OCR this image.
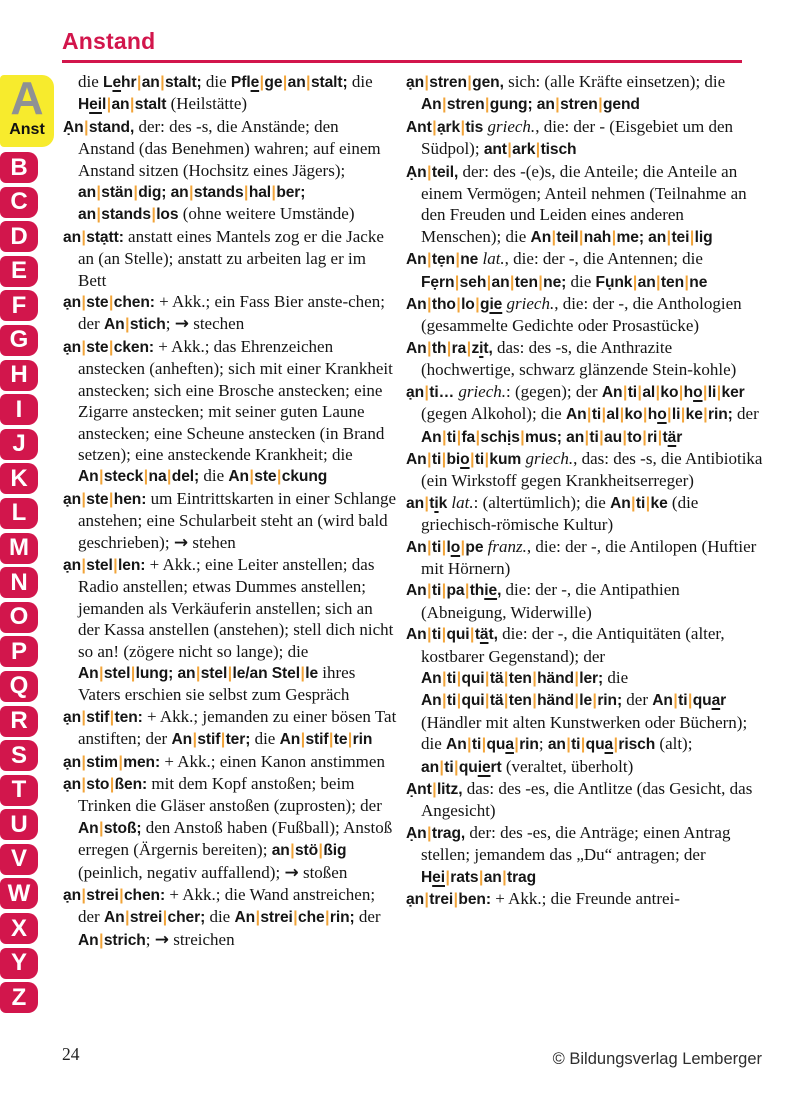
Anstand
A
Anst
B
C
D
E
F
G
H
I
J
K
L
M
N
O
P
Q
R
S
T
U
V
W
X
Y
Z

die Lehr|an|stalt; die Pfle|ge|an|stalt; die Heil|an|stalt (Heilstätte)

Ạn|stand, der: des -s, die Anstände; den Anstand (das Benehmen) wahren; auf einem Anstand sitzen (Hochsitz eines Jägers); an|stän|dig; an|stands|hal|ber; an|stands|los (ohne weitere Umstände)

an|stạtt: anstatt eines Mantels zog er die Jacke an (an Stelle); anstatt zu arbeiten lag er im Bett

ạn|ste|chen: + Akk.; ein Fass Bier anste-chen; der An|stich; → stechen

ạn|ste|cken: + Akk.; das Ehrenzeichen anstecken (anheften); sich mit einer Krankheit anstecken; sich eine Brosche anstecken; eine Zigarre anstecken; mit seiner guten Laune anstecken; eine Scheune anstecken (in Brand setzen); eine ansteckende Krankheit; die An|steck|na|del; die An|ste|ckung

ạn|ste|hen: um Eintrittskarten in einer Schlange anstehen; eine Schularbeit steht an (wird bald geschrieben); → stehen

ạn|stel|len: + Akk.; eine Leiter anstellen; das Radio anstellen; etwas Dummes anstellen; jemanden als Verkäuferin anstellen; sich an der Kassa anstellen (anstehen); stell dich nicht so an! (zögere nicht so lange); die An|stel|lung; an|stel|le/an Stel|le ihres Vaters erschien sie selbst zum Gespräch

ạn|stif|ten: + Akk.; jemanden zu einer bösen Tat anstiften; der An|stif|ter; die An|stif|te|rin

ạn|stim|men: + Akk.; einen Kanon anstimmen

ạn|sto|ßen: mit dem Kopf anstoßen; beim Trinken die Gläser anstoßen (zuprosten); der An|stoß; den Anstoß haben (Fußball); Anstoß erregen (Ärgernis bereiten); an|stö|ßig (peinlich, negativ auffallend); → stoßen

ạn|strei|chen: + Akk.; die Wand anstreichen; der An|strei|cher; die An|strei|che|rin; der An|strich; → streichen

ạn|stren|gen, sich: (alle Kräfte einsetzen); die An|stren|gung; an|stren|gend

Ant|ạrk|tis griech., die: der - (Eisgebiet um den Südpol); ant|ark|tisch

Ạn|teil, der: des -(e)s, die Anteile; die Anteile an einem Vermögen; Anteil nehmen (Teilnahme an den Freuden und Leiden eines anderen Menschen); die An|teil|nah|me; an|tei|lig

An|tẹn|ne lat., die: der -, die Antennen; die Fẹrn|seh|an|ten|ne; die Fụnk|an|ten|ne

An|tho|lo|gie griech., die: der -, die Anthologien (gesammelte Gedichte oder Prosastücke)

An|th|ra|zit, das: des -s, die Anthrazite (hochwertige, schwarz glänzende Stein-kohle)

ạn|ti… griech.: (gegen); der An|ti|al|ko|ho|li|ker (gegen Alkohol); die An|ti|al|ko|ho|li|ke|rin; der An|ti|fa|schịs|mus; an|ti|au|to|ri|tär

An|ti|bio|ti|kum griech., das: des -s, die Antibiotika (ein Wirkstoff gegen Krankheitserreger)

an|tik lat.: (altertümlich); die An|ti|ke (die griechisch-römische Kultur)

An|ti|lo|pe franz., die: der -, die Antilopen (Huftier mit Hörnern)

An|ti|pa|thie, die: der -, die Antipathien (Abneigung, Widerwille)

An|ti|qui|tät, die: der -, die Antiquitäten (alter, kostbarer Gegenstand); der An|ti|qui|tä|ten|händ|ler; die An|ti|qui|tä|ten|händ|le|rin; der An|ti|quar (Händler mit alten Kunstwerken oder Büchern); die An|ti|qua|rin; an|ti|qua|risch (alt); an|ti|quiert (veraltet, überholt)

Ạnt|litz, das: des -es, die Antlitze (das Gesicht, das Angesicht)

Ạn|trag, der: des -es, die Anträge; einen Antrag stellen; jemandem das „Du“ antragen; der Hei|rats|an|trag

ạn|trei|ben: + Akk.; die Freunde antrei-

24	© Bildungsverlag Lemberger
